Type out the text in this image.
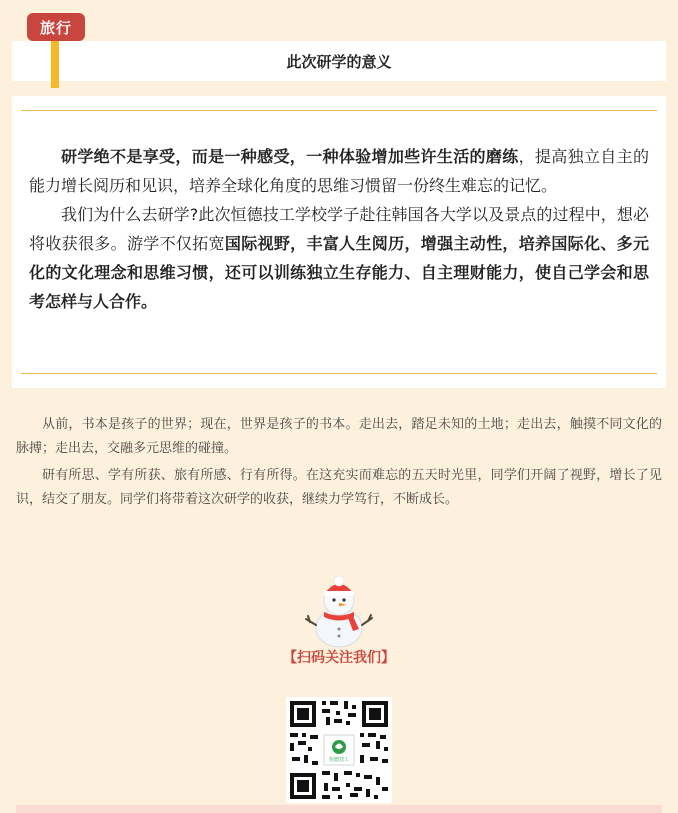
旅行
此次研学的意义

研学绝不是享受，而是一种感受，一种体验增加些许生活的磨练，提高独立自主的能力增长阅历和见识，培养全球化角度的思维习惯留一份终生难忘的记忆。

我们为什么去研学?此次恒德技工学校学子赴往韩国各大学以及景点的过程中，想必将收获很多。游学不仅拓宽国际视野，丰富人生阅历，增强主动性，培养国际化、多元化的文化理念和思维习惯，还可以训练独立生存能力、自主理财能力，使自己学会和思考怎样与人合作。

从前，书本是孩子的世界；现在，世界是孩子的书本。走出去，踏足未知的土地；走出去，触摸不同文化的脉搏；走出去，交融多元思维的碰撞。

研有所思、学有所获、旅有所感、行有所得。在这充实而难忘的五天时光里，同学们开阔了视野，增长了见识，结交了朋友。同学们将带着这次研学的收获，继续力学笃行，不断成长。

【扫码关注我们】
恒德技工
